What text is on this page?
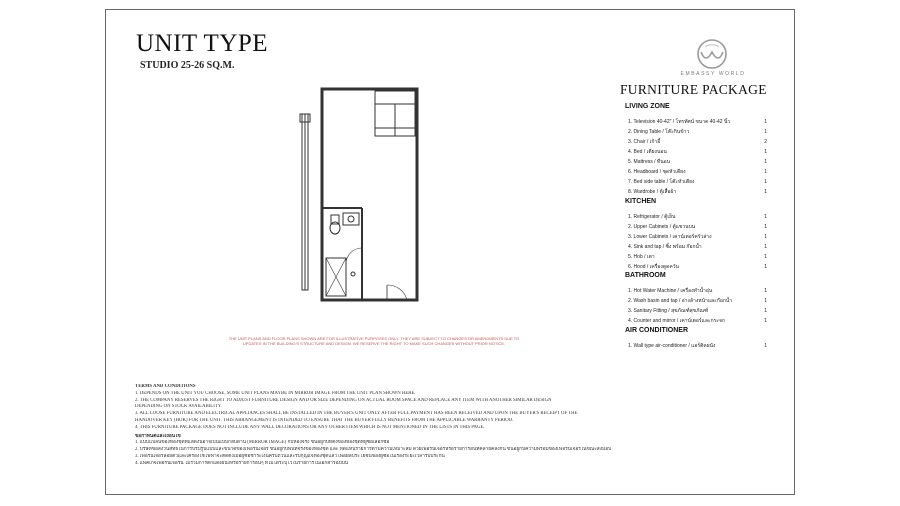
UNIT TYPE
STUDIO 25-26 SQ.M.
EMBASSY WORLD
FURNITURE PACKAGE
LIVING ZONE
1. Television 40-42" / โทรทัศน์ ขนาด 40-42 นิ้ว	1
2. Dining Table / โต๊ะกินข้าว	1
3. Chair / เก้าอี้	2
4. Bed / เตียงนอน	1
5. Mattress / ที่นอน	1
6. Headboard / ชุดหัวเตียง	1
7. Bed side table / โต๊ะหัวเตียง	1
8. Wardrobe / ตู้เสื้อผ้า	1
KITCHEN
1. Refrigerator / ตู้เย็น	1
2. Upper Cabinets / ตู้แขวนบน	1
3. Lower Cabinets / เคาน์เตอร์ครัวล่าง	1
4. Sink and tap / ซิ้ง พร้อม ก๊อกน้ำ	1
5. Hob / เตา	1
6. Hood / เครื่องดูดควัน	1
BATHROOM
1. Hot Water Machine / เครื่องทำน้ำอุ่น	1
2. Wash basin and tap / อ่างล้างหน้าและก๊อกน้ำ	1
3. Sanitary Fitting / สุขภัณฑ์สุขภัณฑ์	1
4. Counter and mirror / เคาน์เตอร์และกระจก	1
AIR CONDITIONER
1. Wall type air-conditioner / แอร์ติดผนัง	1
THE UNIT PLANS AND FLOOR PLANS SHOWN ARE FOR ILLUSTRATIVE PURPOSES ONLY. THEY ARE SUBJECT TO CHANGES OR AMENDMENTS DUE TO UPDATES IN THE BUILDING'S STRUCTURE AND DESIGN. WE RESERVE THE RIGHT TO MAKE SUCH CHANGES WITHOUT PRIOR NOTICE.
TERMS AND CONDITIONS
1. DEPENDS ON THE UNIT YOU CHOOSE, SOME UNIT PLANS MAYBE IN MIRROR IMAGE FROM THE UNIT PLAN SHOWN HERE.
2. THE COMPANY RESERVES THE RIGHT TO ADJUST FURNITURE DESIGN AND OR SIZE DEPENDING ON ACTUAL ROOM SPACE AND REPLACE ANY ITEM WITH ANOTHER SIMILAR DESIGN
DEPENDING ON STOCK AVAILABILITY.
3. ALL LOOSE FURNITURE AND ELECTRICAL APPLIANCES SHALL BE INSTALLED IN THE BUYER'S UNIT ONLY AFTER FULL PAYMENT HAS BEEN RECEIVED AND UPON THE BUYER'S RECEIPT OF THE
HANDOVER KEY (HOK) FOR THE UNIT. THIS ARRANGEMENT IS INTENDED TO ENSURE THAT THE BUYER FULLY BENEFITS FROM THE APPLICABLE WARRANTY PERIOD.
4. THIS FURNITURE PACKAGE DOES NOT INCLUDE ANY WALL DECORATIONS OR ANY OTHER ITEM WHICH IS NOT MENTIONED IN THE LISTS IN THIS PAGE.
ข้อกำหนดและเงื่อนไข
1. แบบแปลนของห้องชุดที่แสดงนี้อาจเป็นแบบกลับด้าน (MIRROR IMAGE) กับห้องจริง ขึ้นอยู่กับที่ตั้งของห้องชุดที่ผู้ซื้อเลือกซื้อ
2. บริษัทขอสงวนสิทธิ์ในการปรับรูปแบบและขนาดของเฟอร์นิเจอร์ ขึ้นอยู่กับพื้นที่จริงของห้องชุด และ ทดแทนรายการตามความเหมาะสม ด้วยเฟอร์นิเจอร์หรือรายการอื่นที่คล้ายคลึงกัน ขึ้นอยู่กับความพร้อมของเฟอร์นิเจอร์ในขณะส่งมอบ
3. เฟอร์นิเจอร์ลอยตัวและเครื่องใช้ไฟฟ้าจะติดตั้งเมื่อผู้ซื้อชำระเงินครบถ้วนและรับกุญแจห้องชุดแล้ว เพื่อผลประโยชน์ของผู้ซื้อในเรื่องระยะเวลารับประกัน
4. แพ็คเกจเฟอร์นิเจอร์นี้ ไม่รวมการตกแต่งผนังหรือรายการอื่นๆ ที่ไม่ได้ระบุไว้ในรายการในเอกสารฉบับนี้
